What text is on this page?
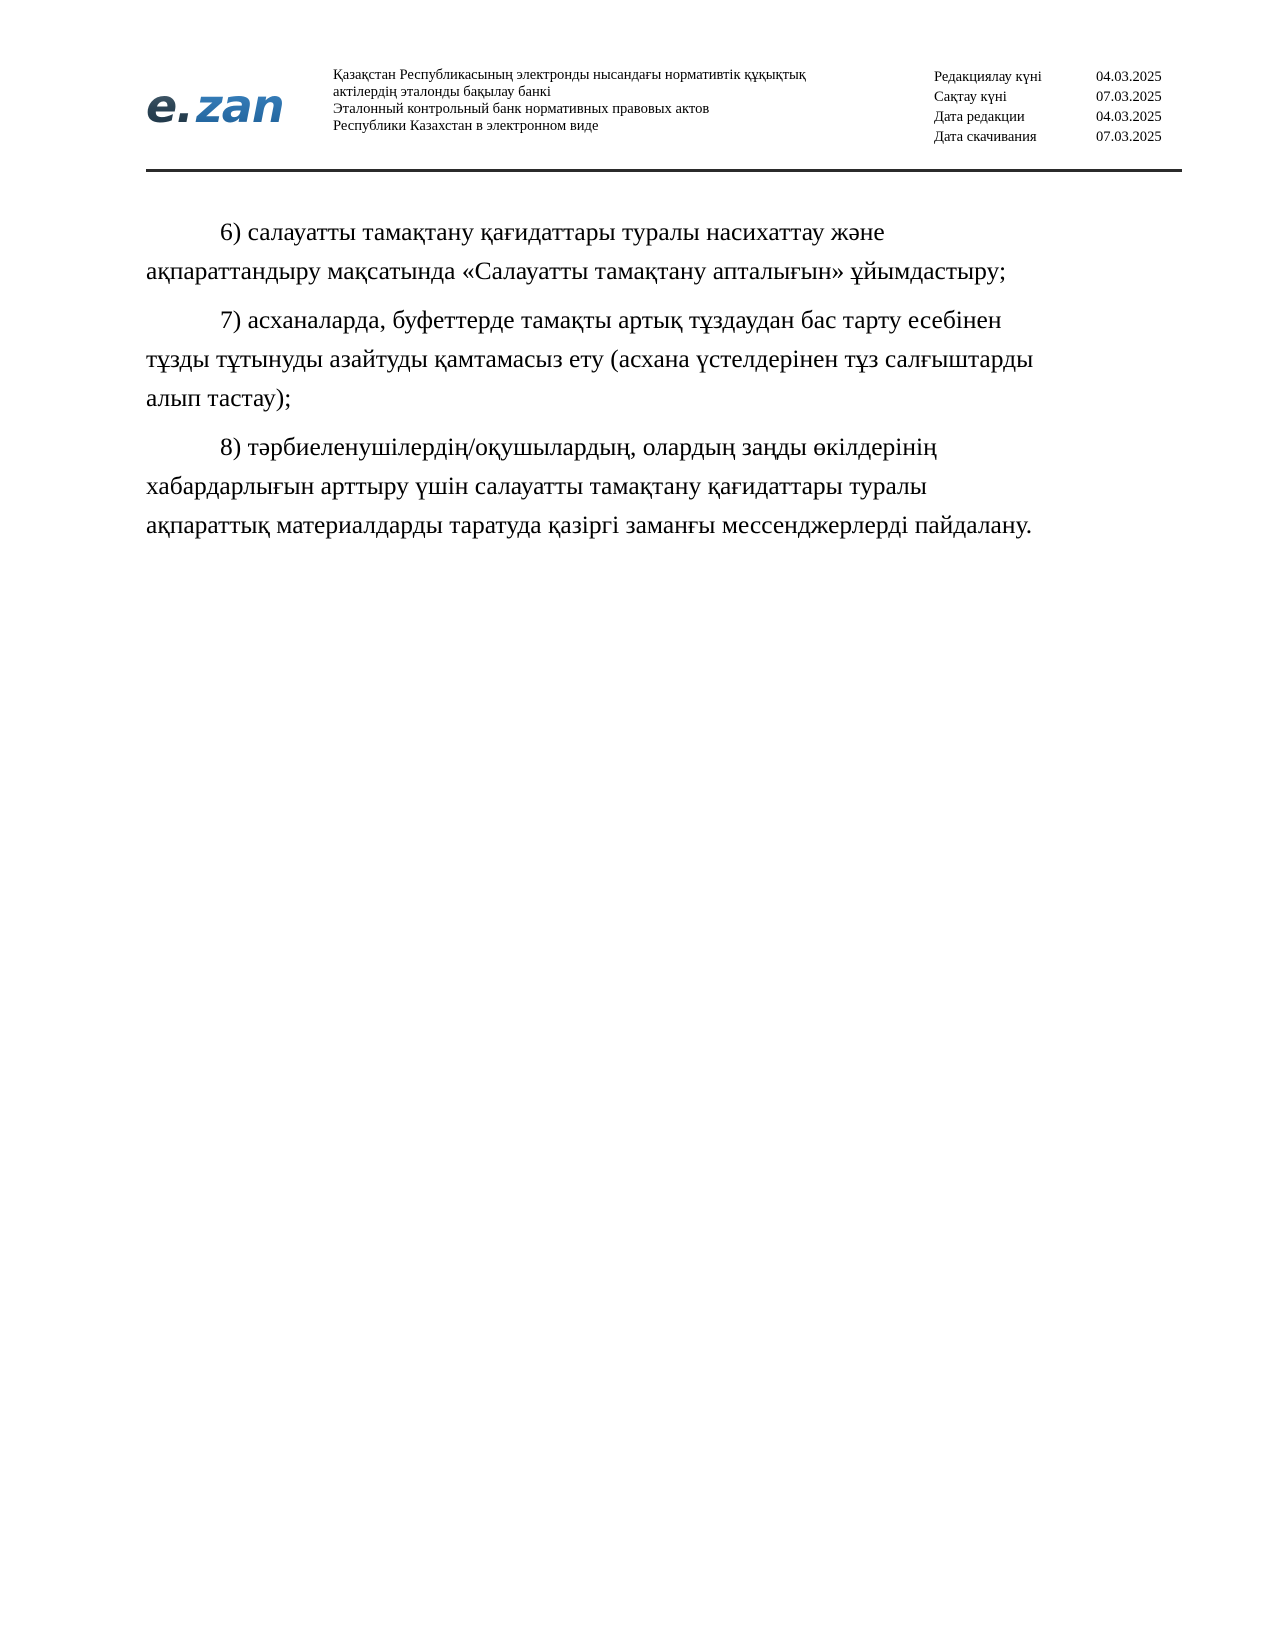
e. zan
Қазақстан Республикасының электронды нысандағы нормативтік құқықтық
актілердің эталонды бақылау банкі
Эталонный контрольный банк нормативных правовых актов
Республики Казахстан в электронном виде
Редакциялау күні	04.03.2025
Сақтау күні	07.03.2025
Дата редакции	04.03.2025
Дата скачивания	07.03.2025

6) салауатты тамақтану қағидаттары туралы насихаттау және
ақпараттандыру мақсатында «Салауатты тамақтану апталығын» ұйымдастыру;

7) асханаларда, буфеттерде тамақты артық тұздаудан бас тарту есебінен
тұзды тұтынуды азайтуды қамтамасыз ету (асхана үстелдерінен тұз салғыштарды
алып тастау);

8) тәрбиеленушілердің/оқушылардың, олардың заңды өкілдерінің
хабардарлығын арттыру үшін салауатты тамақтану қағидаттары туралы
ақпараттық материалдарды таратуда қазіргі заманғы мессенджерлерді пайдалану.
